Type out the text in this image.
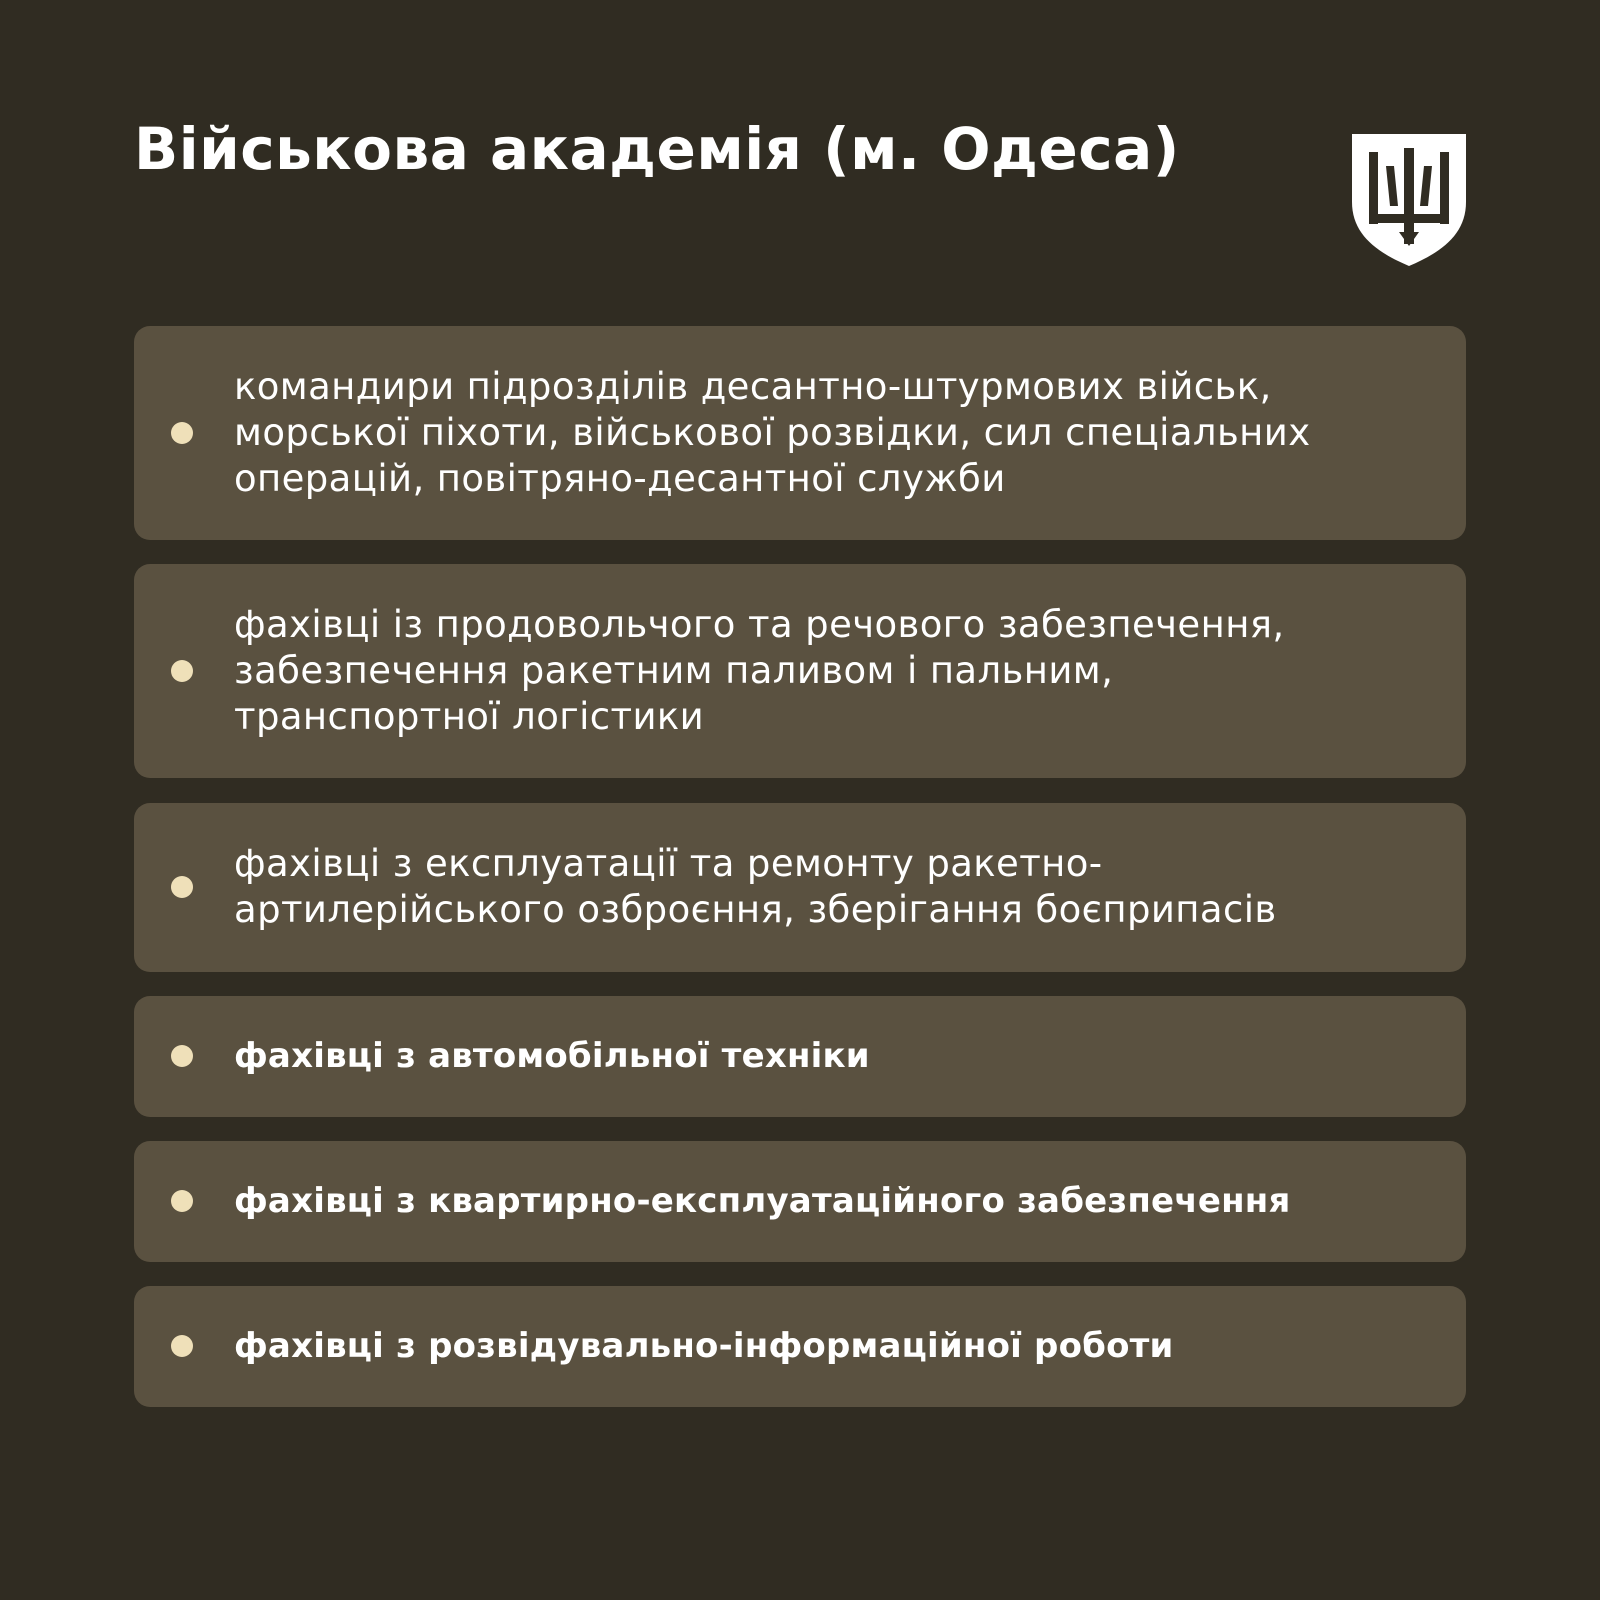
Військова академія (м. Одеса)
командири підрозділів десантно-штурмових військ,
морської піхоти, військової розвідки, сил спеціальних
операцій, повітряно-десантної служби
фахівці із продовольчого та речового забезпечення,
забезпечення ракетним паливом і пальним,
транспортної логістики
фахівці з експлуатації та ремонту ракетно-
артилерійського озброєння, зберігання боєприпасів
фахівці з автомобільної техніки
фахівці з квартирно-експлуатаційного забезпечення
фахівці з розвідувально-інформаційної роботи
